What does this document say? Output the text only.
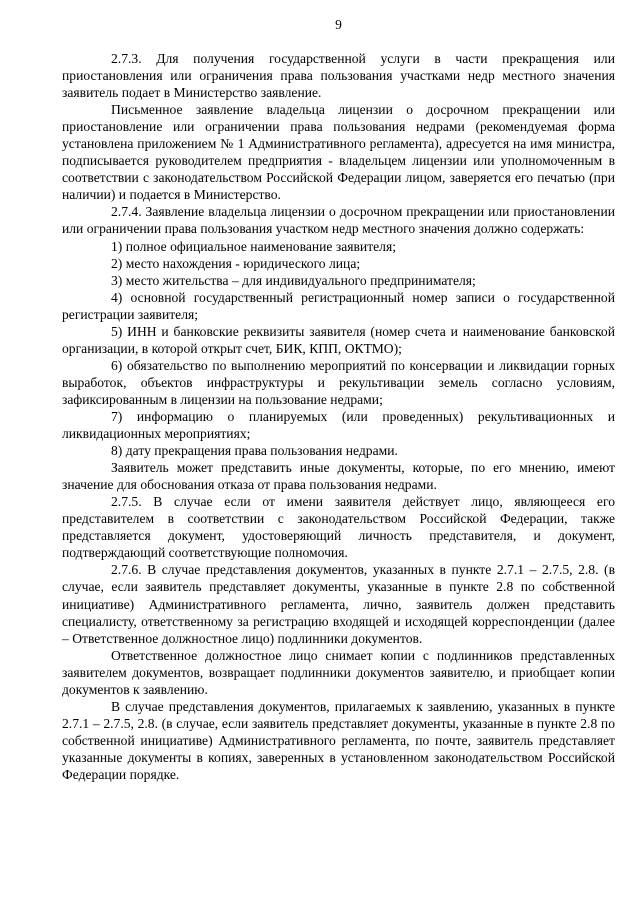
9

2.7.3. Для получения государственной услуги в части прекращения или приостановления или ограничения права пользования участками недр местного значения заявитель подает в Министерство заявление.

Письменное заявление владельца лицензии о досрочном прекращении или приостановление или ограничении права пользования недрами (рекомендуемая форма установлена приложением № 1 Административного регламента), адресуется на имя министра, подписывается руководителем предприятия - владельцем лицензии или уполномоченным в соответствии с законодательством Российской Федерации лицом, заверяется его печатью (при наличии) и подается в Министерство.

2.7.4. Заявление владельца лицензии о досрочном прекращении или приостановлении или ограничении права пользования участком недр местного значения должно содержать:

1) полное официальное наименование заявителя;

2) место нахождения - юридического лица;

3) место жительства – для индивидуального предпринимателя;

4) основной государственный регистрационный номер записи о государственной регистрации заявителя;

5) ИНН и банковские реквизиты заявителя (номер счета и наименование банковской организации, в которой открыт счет, БИК, КПП, ОКТМО);

6) обязательство по выполнению мероприятий по консервации и ликвидации горных выработок, объектов инфраструктуры и рекультивации земель согласно условиям, зафиксированным в лицензии на пользование недрами;

7) информацию о планируемых (или проведенных) рекультивационных и ликвидационных мероприятиях;

8) дату прекращения права пользования недрами.

Заявитель может представить иные документы, которые, по его мнению, имеют значение для обоснования отказа от права пользования недрами.

2.7.5. В случае если от имени заявителя действует лицо, являющееся его представителем в соответствии с законодательством Российской Федерации, также представляется документ, удостоверяющий личность представителя, и документ, подтверждающий соответствующие полномочия.

2.7.6. В случае представления документов, указанных в пункте 2.7.1 – 2.7.5, 2.8. (в случае, если заявитель представляет документы, указанные в пункте 2.8 по собственной инициативе) Административного регламента, лично, заявитель должен представить специалисту, ответственному за регистрацию входящей и исходящей корреспонденции (далее – Ответственное должностное лицо) подлинники документов.

Ответственное должностное лицо снимает копии с подлинников представленных заявителем документов, возвращает подлинники документов заявителю, и приобщает копии документов к заявлению.

В случае представления документов, прилагаемых к заявлению, указанных в пункте 2.7.1 – 2.7.5, 2.8. (в случае, если заявитель представляет документы, указанные в пункте 2.8 по собственной инициативе) Административного регламента, по почте, заявитель представляет указанные документы в копиях, заверенных в установленном законодательством Российской Федерации порядке.
